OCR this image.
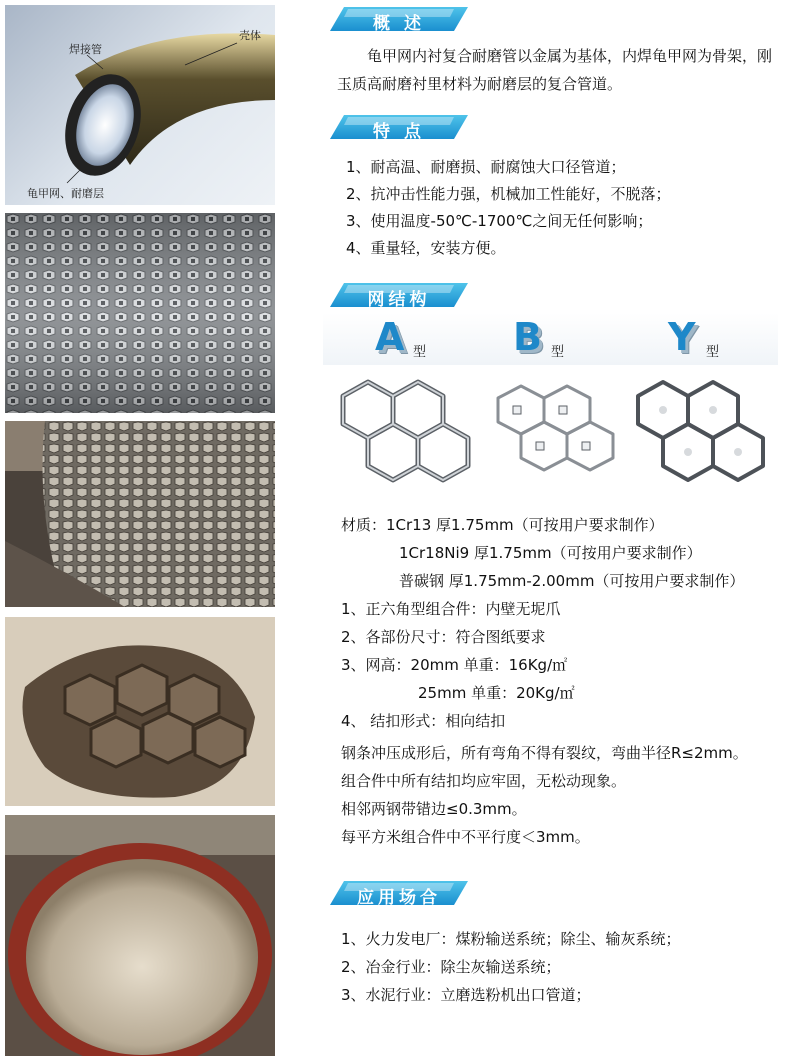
焊接管
壳体
龟甲网、耐磨层
概 述
龟甲网内衬复合耐磨管以金属为基体，内焊龟甲网为骨架，刚玉质高耐磨衬里材料为耐磨层的复合管道。
特 点
1、耐高温、耐磨损、耐腐蚀大口径管道；
2、抗冲击性能力强，机械加工性能好，不脱落；
3、使用温度-50℃-1700℃之间无任何影响；
4、重量轻，安装方便。
网结构
A 型 B 型	Y 型
材质：1Cr13 厚1.75mm（可按用户要求制作）
1Cr18Ni9 厚1.75mm（可按用户要求制作）
普碳钢 厚1.75mm-2.00mm（可按用户要求制作）
1、正六角型组合件：内壁无坭爪
2、各部份尺寸：符合图纸要求
3、网高：20mm 单重：16Kg/㎡
25mm 单重：20Kg/㎡
4、 结扣形式：相向结扣
钢条冲压成形后，所有弯角不得有裂纹，弯曲半径R≤2mm。
组合件中所有结扣均应牢固，无松动现象。
相邻两钢带错边≤0.3mm。
每平方米组合件中不平行度＜3mm。
应用场合
1、火力发电厂：煤粉输送系统；除尘、输灰系统；
2、冶金行业：除尘灰输送系统；
3、水泥行业：立磨选粉机出口管道；
